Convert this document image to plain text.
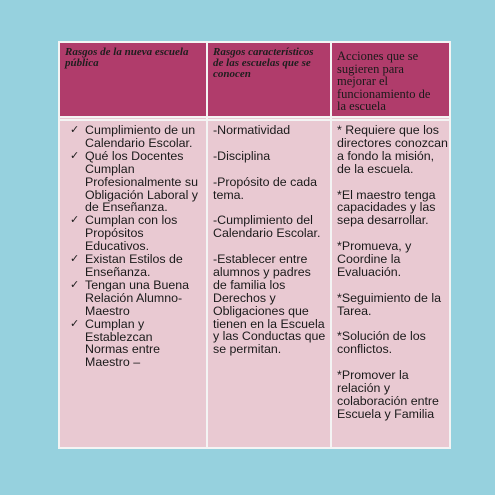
Rasgos de la nueva escuela pública
Rasgos característicos de las escuelas que se conocen
Acciones que se sugieren para mejorar el funcionamiento de la escuela
✓ Cumplimiento de un Calendario Escolar.
✓ Qué los Docentes Cumplan Profesionalmente su Obligación Laboral y de Enseñanza.
✓ Cumplan con los Propósitos Educativos.
✓ Existan Estilos de Enseñanza.
✓ Tengan una Buena Relación Alumno-Maestro
✓ Cumplan y Establezcan Normas entre Maestro –
-Normatividad
-Disciplina
-Propósito de cada tema.
-Cumplimiento del Calendario Escolar.
-Establecer entre alumnos y padres de familia los Derechos y Obligaciones que tienen en la Escuela y las Conductas que se permitan.
* Requiere que los directores conozcan a fondo la misión, de la escuela.
*El maestro tenga capacidades y las sepa desarrollar.
*Promueva, y Coordine la Evaluación.
*Seguimiento de la Tarea.
*Solución de los conflictos.
*Promover la relación y colaboración entre Escuela y Familia
